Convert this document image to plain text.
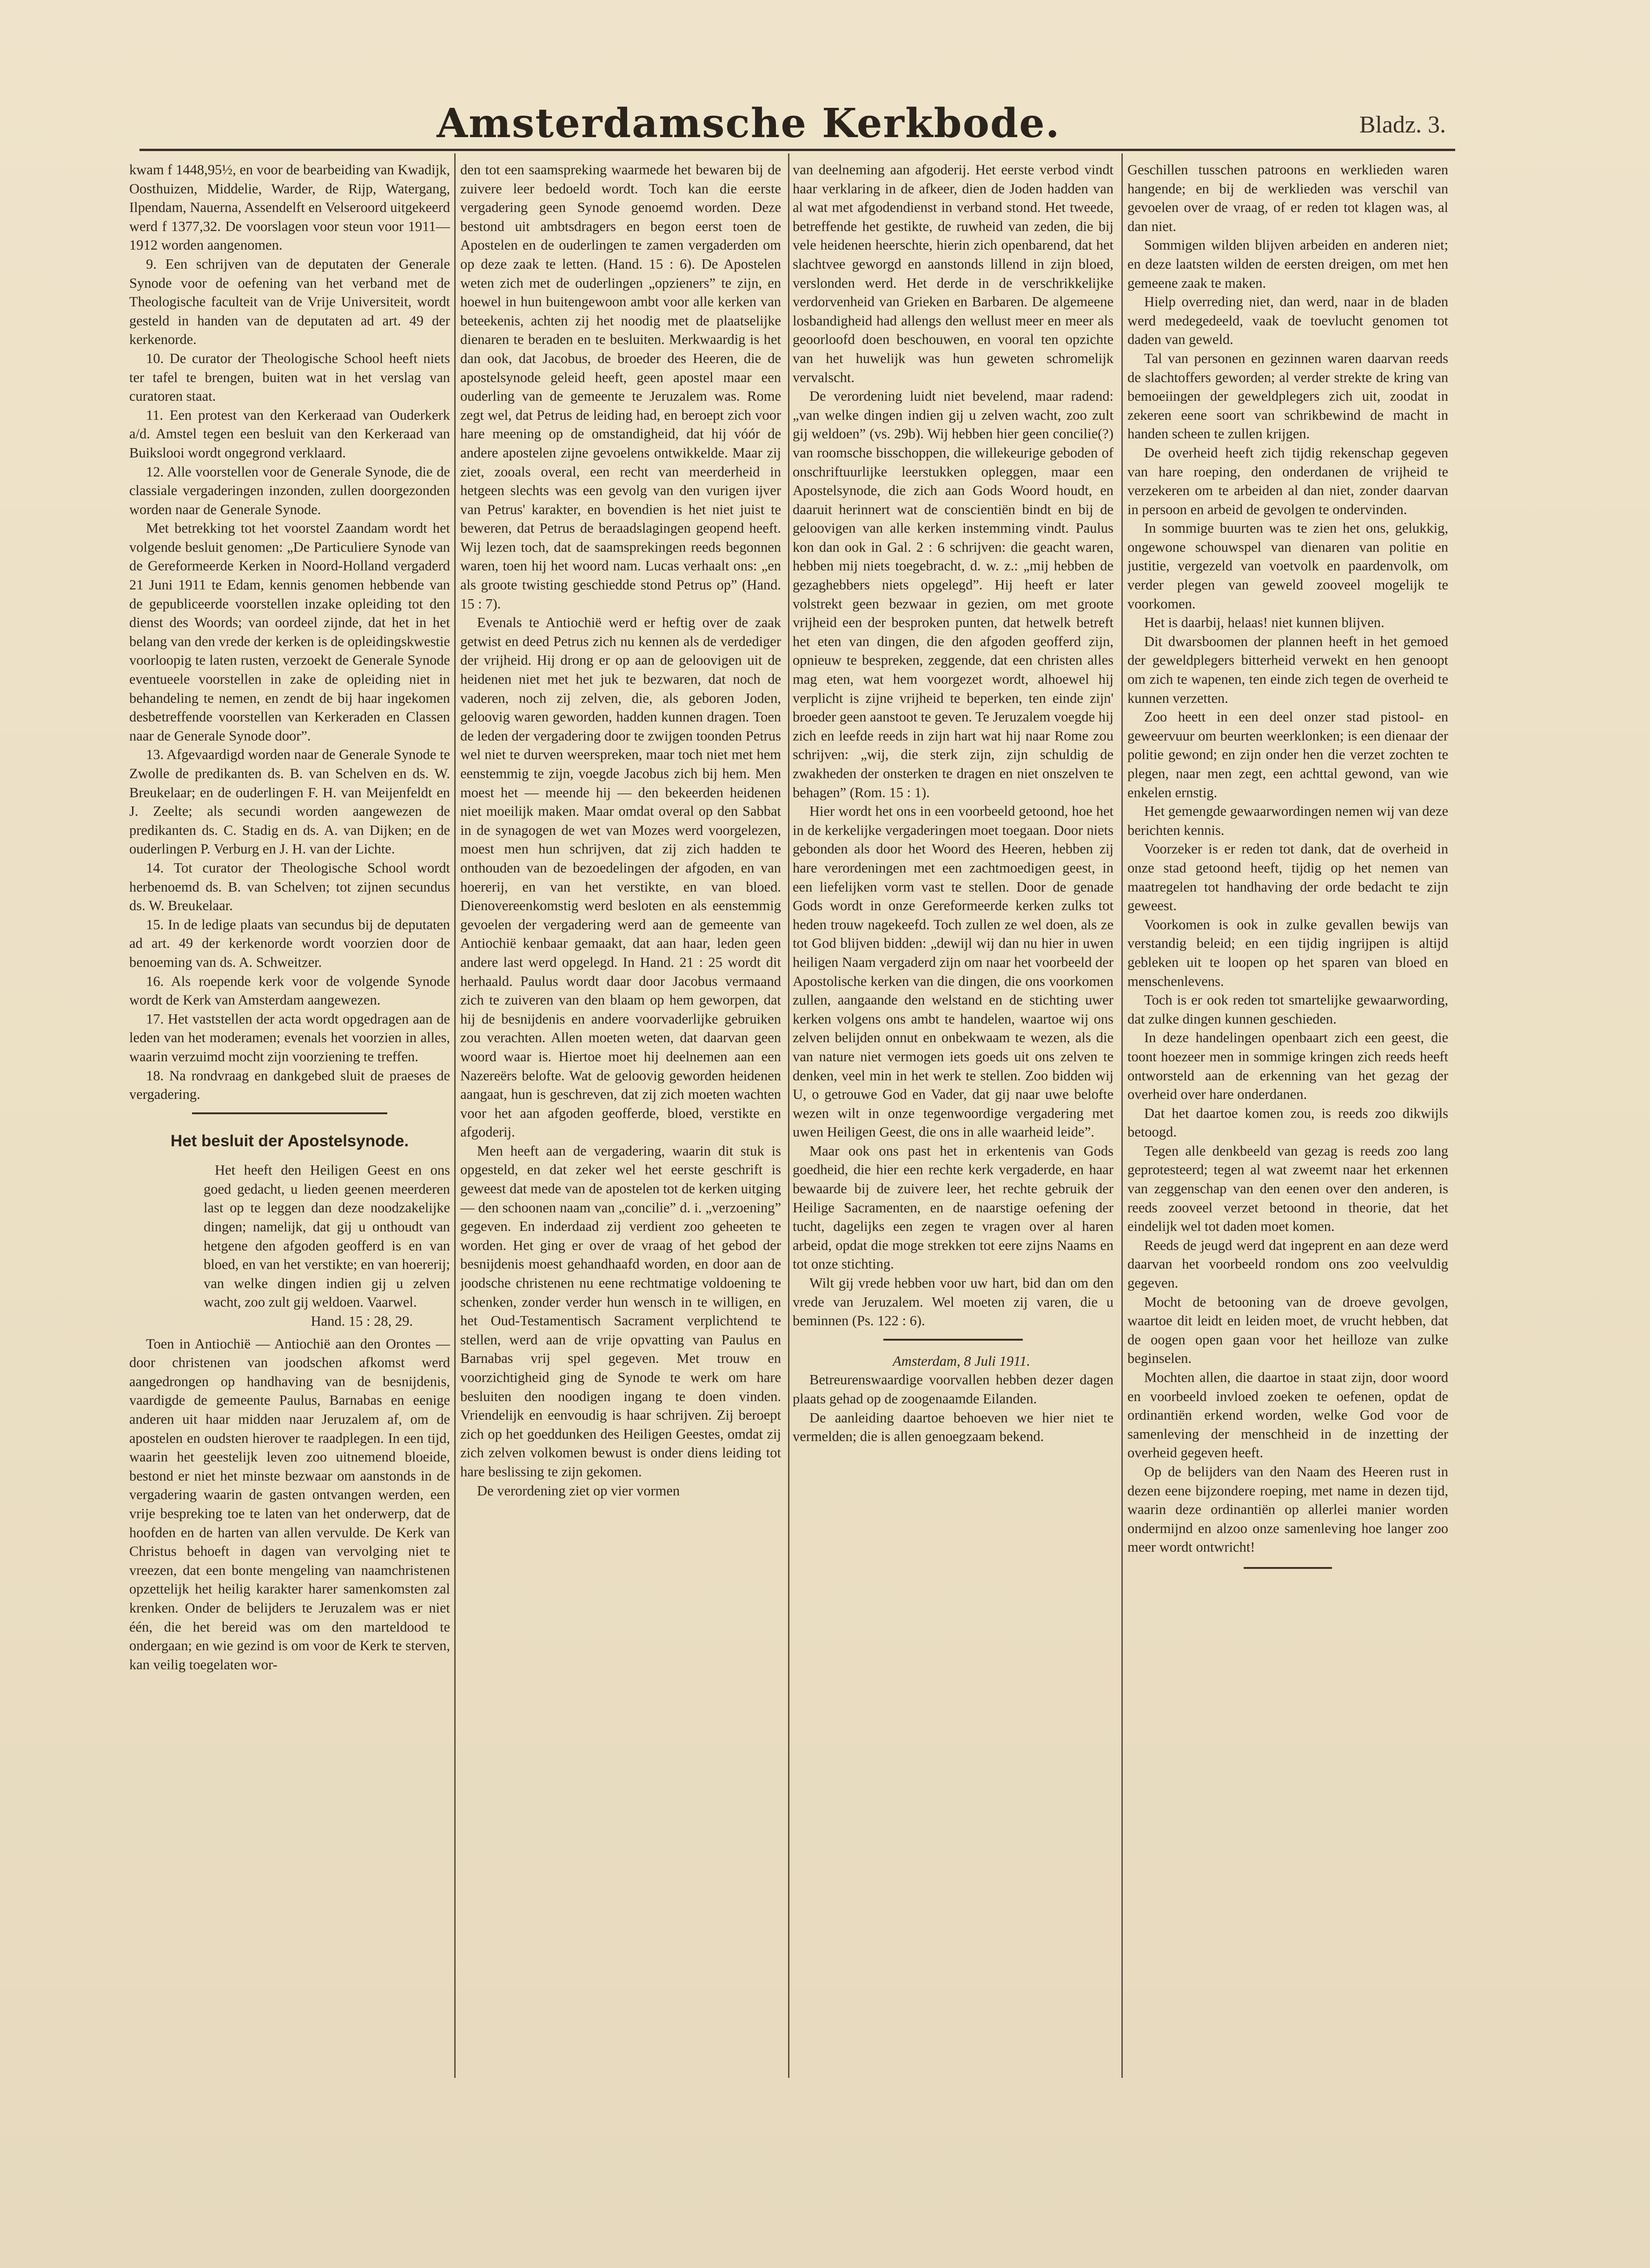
Amsterdamsche Kerkbode.	Bladz. 3.

kwam f 1448,95½, en voor de bearbeiding van Kwadijk, Oosthuizen, Middelie, Warder, de Rijp, Watergang, Ilpendam, Nauerna, Assendelft en Velseroord uitgekeerd werd f 1377,32. De voorslagen voor steun voor 1911—1912 worden aangenomen.

9. Een schrijven van de deputaten der Generale Synode voor de oefening van het verband met de Theologische faculteit van de Vrije Universiteit, wordt gesteld in handen van de deputaten ad art. 49 der kerkenorde.

10. De curator der Theologische School heeft niets ter tafel te brengen, buiten wat in het verslag van curatoren staat.

11. Een protest van den Kerkeraad van Ouderkerk a/d. Amstel tegen een besluit van den Kerkeraad van Buikslooi wordt ongegrond verklaard.

12. Alle voorstellen voor de Generale Synode, die de classiale vergaderingen inzonden, zullen doorgezonden worden naar de Generale Synode.

Met betrekking tot het voorstel Zaandam wordt het volgende besluit genomen: „De Particuliere Synode van de Gereformeerde Kerken in Noord-Holland vergaderd 21 Juni 1911 te Edam, kennis genomen hebbende van de gepubliceerde voorstellen inzake opleiding tot den dienst des Woords; van oordeel zijnde, dat het in het belang van den vrede der kerken is de opleidingskwestie voorloopig te laten rusten, verzoekt de Generale Synode eventueele voorstellen in zake de opleiding niet in behandeling te nemen, en zendt de bij haar ingekomen desbetreffende voorstellen van Kerkeraden en Classen naar de Generale Synode door”.

13. Afgevaardigd worden naar de Generale Synode te Zwolle de predikanten ds. B. van Schelven en ds. W. Breukelaar; en de ouderlingen F. H. van Meijenfeldt en J. Zeelte; als secundi worden aangewezen de predikanten ds. C. Stadig en ds. A. van Dijken; en de ouderlingen P. Verburg en J. H. van der Lichte.

14. Tot curator der Theologische School wordt herbenoemd ds. B. van Schelven; tot zijnen secundus ds. W. Breukelaar.

15. In de ledige plaats van secundus bij de deputaten ad art. 49 der kerkenorde wordt voorzien door de benoeming van ds. A. Schweitzer.

16. Als roepende kerk voor de volgende Synode wordt de Kerk van Amsterdam aangewezen.

17. Het vaststellen der acta wordt opgedragen aan de leden van het moderamen; evenals het voorzien in alles, waarin verzuimd mocht zijn voorziening te treffen.

18. Na rondvraag en dankgebed sluit de praeses de vergadering.

Het besluit der Apostelsynode.

Het heeft den Heiligen Geest en ons goed gedacht, u lieden geenen meerderen last op te leggen dan deze noodzakelijke dingen; namelijk, dat gij u onthoudt van hetgene den afgoden geofferd is en van bloed, en van het verstikte; en van hoererij; van welke dingen indien gij u zelven wacht, zoo zult gij weldoen. Vaarwel.

Hand. 15 : 28, 29.

Toen in Antiochië — Antiochië aan den Orontes — door christenen van joodschen afkomst werd aangedrongen op handhaving van de besnijdenis, vaardigde de gemeente Paulus, Barnabas en eenige anderen uit haar midden naar Jeruzalem af, om de apostelen en oudsten hierover te raadplegen. In een tijd, waarin het geestelijk leven zoo uitnemend bloeide, bestond er niet het minste bezwaar om aanstonds in de vergadering waarin de gasten ontvangen werden, een vrije bespreking toe te laten van het onderwerp, dat de hoofden en de harten van allen vervulde. De Kerk van Christus behoeft in dagen van vervolging niet te vreezen, dat een bonte mengeling van naamchristenen opzettelijk het heilig karakter harer samenkomsten zal krenken. Onder de belijders te Jeruzalem was er niet één, die het bereid was om den marteldood te ondergaan; en wie gezind is om voor de Kerk te sterven, kan veilig toegelaten wor-

den tot een saamspreking waarmede het bewaren bij de zuivere leer bedoeld wordt. Toch kan die eerste vergadering geen Synode genoemd worden. Deze bestond uit ambtsdragers en begon eerst toen de Apostelen en de ouderlingen te zamen vergaderden om op deze zaak te letten. (Hand. 15 : 6). De Apostelen weten zich met de ouderlingen „opzieners” te zijn, en hoewel in hun buitengewoon ambt voor alle kerken van beteekenis, achten zij het noodig met de plaatselijke dienaren te beraden en te besluiten. Merkwaardig is het dan ook, dat Jacobus, de broeder des Heeren, die de apostelsynode geleid heeft, geen apostel maar een ouderling van de gemeente te Jeruzalem was. Rome zegt wel, dat Petrus de leiding had, en beroept zich voor hare meening op de omstandigheid, dat hij vóór de andere apostelen zijne gevoelens ontwikkelde. Maar zij ziet, zooals overal, een recht van meerderheid in hetgeen slechts was een gevolg van den vurigen ijver van Petrus' karakter, en bovendien is het niet juist te beweren, dat Petrus de beraadslagingen geopend heeft. Wij lezen toch, dat de saamsprekingen reeds begonnen waren, toen hij het woord nam. Lucas verhaalt ons: „en als groote twisting geschiedde stond Petrus op” (Hand. 15 : 7).

Evenals te Antiochië werd er heftig over de zaak getwist en deed Petrus zich nu kennen als de verdediger der vrijheid. Hij drong er op aan de geloovigen uit de heidenen niet met het juk te bezwaren, dat noch de vaderen, noch zij zelven, die, als geboren Joden, geloovig waren geworden, hadden kunnen dragen. Toen de leden der vergadering door te zwijgen toonden Petrus wel niet te durven weerspreken, maar toch niet met hem eenstemmig te zijn, voegde Jacobus zich bij hem. Men moest het — meende hij — den bekeerden heidenen niet moeilijk maken. Maar omdat overal op den Sabbat in de synagogen de wet van Mozes werd voorgelezen, moest men hun schrijven, dat zij zich hadden te onthouden van de bezoedelingen der afgoden, en van hoererij, en van het verstikte, en van bloed. Dienovereenkomstig werd besloten en als eenstemmig gevoelen der vergadering werd aan de gemeente van Antiochië kenbaar gemaakt, dat aan haar, leden geen andere last werd opgelegd. In Hand. 21 : 25 wordt dit herhaald. Paulus wordt daar door Jacobus vermaand zich te zuiveren van den blaam op hem geworpen, dat hij de besnijdenis en andere voorvaderlijke gebruiken zou verachten. Allen moeten weten, dat daarvan geen woord waar is. Hiertoe moet hij deelnemen aan een Nazereërs belofte. Wat de geloovig geworden heidenen aangaat, hun is geschreven, dat zij zich moeten wachten voor het aan afgoden geofferde, bloed, verstikte en afgoderij.

Men heeft aan de vergadering, waarin dit stuk is opgesteld, en dat zeker wel het eerste geschrift is geweest dat mede van de apostelen tot de kerken uitging — den schoonen naam van „concilie” d. i. „verzoening” gegeven. En inderdaad zij verdient zoo geheeten te worden. Het ging er over de vraag of het gebod der besnijdenis moest gehandhaafd worden, en door aan de joodsche christenen nu eene rechtmatige voldoening te schenken, zonder verder hun wensch in te willigen, en het Oud-Testamentisch Sacrament verplichtend te stellen, werd aan de vrije opvatting van Paulus en Barnabas vrij spel gegeven. Met trouw en voorzichtigheid ging de Synode te werk om hare besluiten den noodigen ingang te doen vinden. Vriendelijk en eenvoudig is haar schrijven. Zij beroept zich op het goeddunken des Heiligen Geestes, omdat zij zich zelven volkomen bewust is onder diens leiding tot hare beslissing te zijn gekomen.

De verordening ziet op vier vormen

van deelneming aan afgoderij. Het eerste verbod vindt haar verklaring in de afkeer, dien de Joden hadden van al wat met afgodendienst in verband stond. Het tweede, betreffende het gestikte, de ruwheid van zeden, die bij vele heidenen heerschte, hierin zich openbarend, dat het slachtvee geworgd en aanstonds lillend in zijn bloed, verslonden werd. Het derde in de verschrikkelijke verdorvenheid van Grieken en Barbaren. De algemeene losbandigheid had allengs den wellust meer en meer als geoorloofd doen beschouwen, en vooral ten opzichte van het huwelijk was hun geweten schromelijk vervalscht.

De verordening luidt niet bevelend, maar radend: „van welke dingen indien gij u zelven wacht, zoo zult gij weldoen” (vs. 29b). Wij hebben hier geen concilie(?) van roomsche bisschoppen, die willekeurige geboden of onschriftuurlijke leerstukken opleggen, maar een Apostelsynode, die zich aan Gods Woord houdt, en daaruit herinnert wat de conscientiën bindt en bij de geloovigen van alle kerken instemming vindt. Paulus kon dan ook in Gal. 2 : 6 schrijven: die geacht waren, hebben mij niets toegebracht, d. w. z.: „mij hebben de gezaghebbers niets opgelegd”. Hij heeft er later volstrekt geen bezwaar in gezien, om met groote vrijheid een der besproken punten, dat hetwelk betreft het eten van dingen, die den afgoden geofferd zijn, opnieuw te bespreken, zeggende, dat een christen alles mag eten, wat hem voorgezet wordt, alhoewel hij verplicht is zijne vrijheid te beperken, ten einde zijn' broeder geen aanstoot te geven. Te Jeruzalem voegde hij zich en leefde reeds in zijn hart wat hij naar Rome zou schrijven: „wij, die sterk zijn, zijn schuldig de zwakheden der onsterken te dragen en niet onszelven te behagen” (Rom. 15 : 1).

Hier wordt het ons in een voorbeeld getoond, hoe het in de kerkelijke vergaderingen moet toegaan. Door niets gebonden als door het Woord des Heeren, hebben zij hare verordeningen met een zachtmoedigen geest, in een liefelijken vorm vast te stellen. Door de genade Gods wordt in onze Gereformeerde kerken zulks tot heden trouw nagekeefd. Toch zullen ze wel doen, als ze tot God blijven bidden: „dewijl wij dan nu hier in uwen heiligen Naam vergaderd zijn om naar het voorbeeld der Apostolische kerken van die dingen, die ons voorkomen zullen, aangaande den welstand en de stichting uwer kerken volgens ons ambt te handelen, waartoe wij ons zelven belijden onnut en onbekwaam te wezen, als die van nature niet vermogen iets goeds uit ons zelven te denken, veel min in het werk te stellen. Zoo bidden wij U, o getrouwe God en Vader, dat gij naar uwe belofte wezen wilt in onze tegenwoordige vergadering met uwen Heiligen Geest, die ons in alle waarheid leide”.

Maar ook ons past het in erkentenis van Gods goedheid, die hier een rechte kerk vergaderde, en haar bewaarde bij de zuivere leer, het rechte gebruik der Heilige Sacramenten, en de naarstige oefening der tucht, dagelijks een zegen te vragen over al haren arbeid, opdat die moge strekken tot eere zijns Naams en tot onze stichting.

Wilt gij vrede hebben voor uw hart, bid dan om den vrede van Jeruzalem. Wel moeten zij varen, die u beminnen (Ps. 122 : 6).

Amsterdam, 8 Juli 1911.

Betreurenswaardige voorvallen hebben dezer dagen plaats gehad op de zoogenaamde Eilanden.

De aanleiding daartoe behoeven we hier niet te vermelden; die is allen genoegzaam bekend.

Geschillen tusschen patroons en werklieden waren hangende; en bij de werklieden was verschil van gevoelen over de vraag, of er reden tot klagen was, al dan niet.

Sommigen wilden blijven arbeiden en anderen niet; en deze laatsten wilden de eersten dreigen, om met hen gemeene zaak te maken.

Hielp overreding niet, dan werd, naar in de bladen werd medegedeeld, vaak de toevlucht genomen tot daden van geweld.

Tal van personen en gezinnen waren daarvan reeds de slachtoffers geworden; al verder strekte de kring van bemoeiingen der geweldplegers zich uit, zoodat in zekeren eene soort van schrikbewind de macht in handen scheen te zullen krijgen.

De overheid heeft zich tijdig rekenschap gegeven van hare roeping, den onderdanen de vrijheid te verzekeren om te arbeiden al dan niet, zonder daarvan in persoon en arbeid de gevolgen te ondervinden.

In sommige buurten was te zien het ons, gelukkig, ongewone schouwspel van dienaren van politie en justitie, vergezeld van voetvolk en paardenvolk, om verder plegen van geweld zooveel mogelijk te voorkomen.

Het is daarbij, helaas! niet kunnen blijven.

Dit dwarsboomen der plannen heeft in het gemoed der geweldplegers bitterheid verwekt en hen genoopt om zich te wapenen, ten einde zich tegen de overheid te kunnen verzetten.

Zoo heett in een deel onzer stad pistool- en geweervuur om beurten weerklonken; is een dienaar der politie gewond; en zijn onder hen die verzet zochten te plegen, naar men zegt, een achttal gewond, van wie enkelen ernstig.

Het gemengde gewaarwordingen nemen wij van deze berichten kennis.

Voorzeker is er reden tot dank, dat de overheid in onze stad getoond heeft, tijdig op het nemen van maatregelen tot handhaving der orde bedacht te zijn geweest.

Voorkomen is ook in zulke gevallen bewijs van verstandig beleid; en een tijdig ingrijpen is altijd gebleken uit te loopen op het sparen van bloed en menschenlevens.

Toch is er ook reden tot smartelijke gewaarwording, dat zulke dingen kunnen geschieden.

In deze handelingen openbaart zich een geest, die toont hoezeer men in sommige kringen zich reeds heeft ontworsteld aan de erkenning van het gezag der overheid over hare onderdanen.

Dat het daartoe komen zou, is reeds zoo dikwijls betoogd.

Tegen alle denkbeeld van gezag is reeds zoo lang geprotesteerd; tegen al wat zweemt naar het erkennen van zeggenschap van den eenen over den anderen, is reeds zooveel verzet betoond in theorie, dat het eindelijk wel tot daden moet komen.

Reeds de jeugd werd dat ingeprent en aan deze werd daarvan het voorbeeld rondom ons zoo veelvuldig gegeven.

Mocht de betooning van de droeve gevolgen, waartoe dit leidt en leiden moet, de vrucht hebben, dat de oogen open gaan voor het heilloze van zulke beginselen.

Mochten allen, die daartoe in staat zijn, door woord en voorbeeld invloed zoeken te oefenen, opdat de ordinantiën erkend worden, welke God voor de samenleving der menschheid in de inzetting der overheid gegeven heeft.

Op de belijders van den Naam des Heeren rust in dezen eene bijzondere roeping, met name in dezen tijd, waarin deze ordinantiën op allerlei manier worden ondermijnd en alzoo onze samenleving hoe langer zoo meer wordt ontwricht!
